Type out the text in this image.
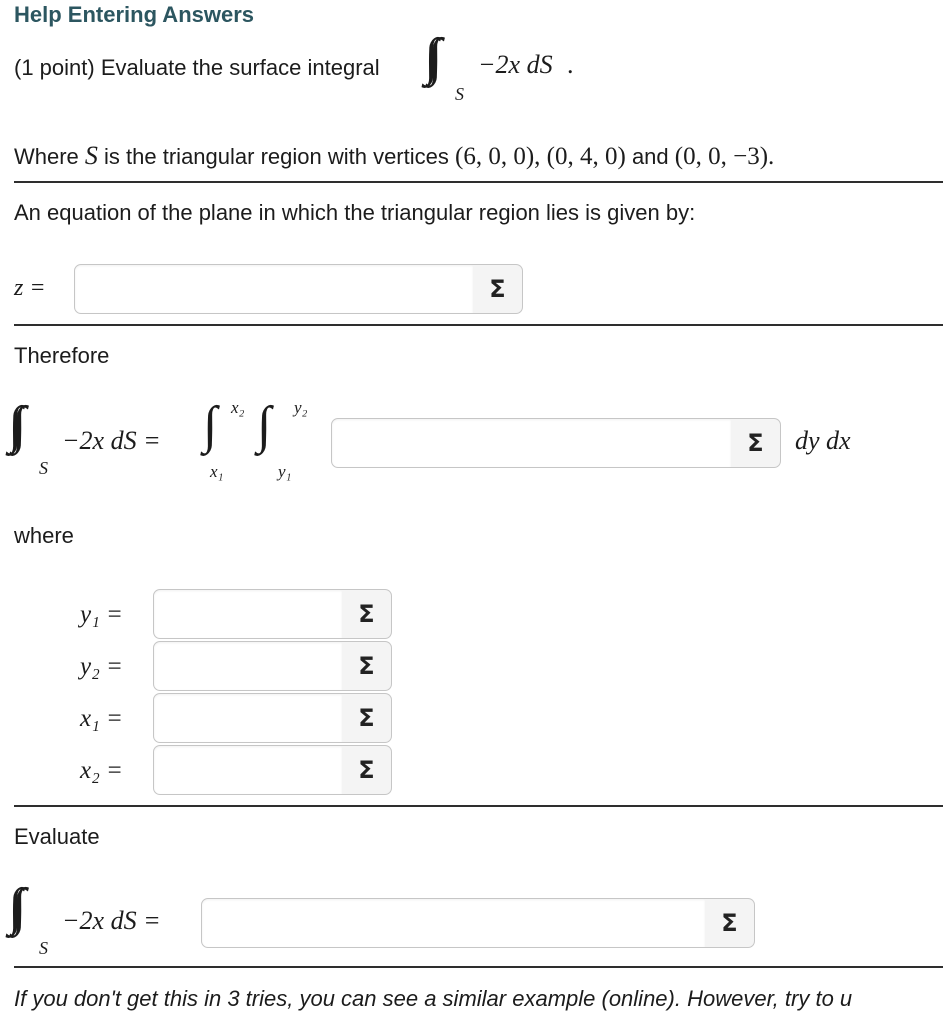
Help Entering Answers
(1 point) Evaluate the surface integral
S
−2x dS .
Where S is the triangular region with vertices (6, 0, 0), (0, 4, 0) and (0, 0, −3).
An equation of the plane in which the triangular region lies is given by:
z =	Σ
Therefore
S
−2x dS = ∫ x₂
x₁
∫ y₂
y₁
Σ	dy dx
where
y₁ =	Σ
y₂ =	Σ
x₁ =	Σ
x₂ =	Σ
Evaluate
S
−2x dS =	Σ
If you don't get this in 3 tries, you can see a similar example (online). However, try to u
